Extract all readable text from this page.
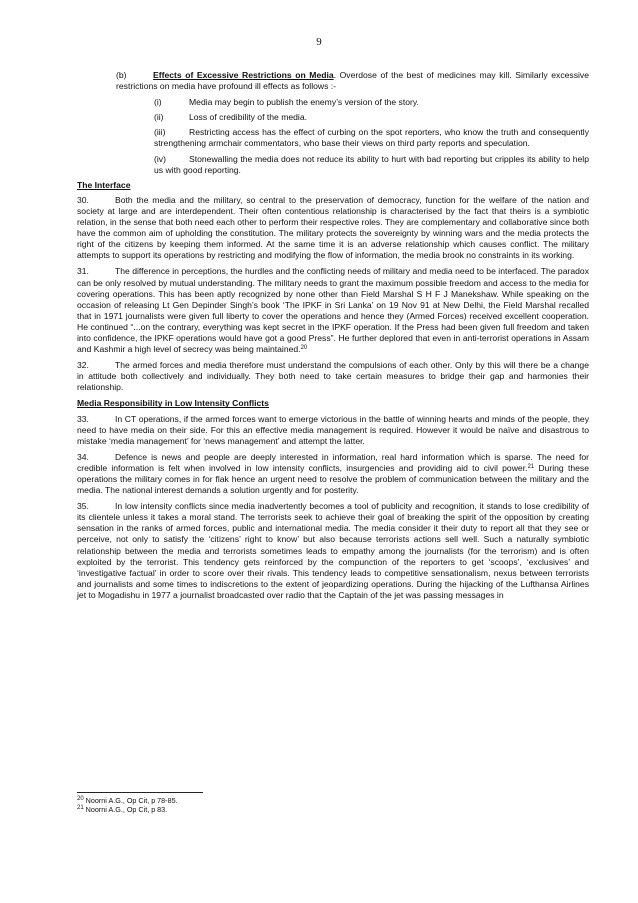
9

(b)	Effects of Excessive Restrictions on Media. Overdose of the best of medicines may kill. Similarly excessive restrictions on media have profound ill effects as follows :-

(i)	Media may begin to publish the enemy’s version of the story.

(ii)	Loss of credibility of the media.

(iii)	Restricting access has the effect of curbing on the spot reporters, who know the truth and consequently strengthening armchair commentators, who base their views on third party reports and speculation.

(iv)	Stonewalling the media does not reduce its ability to hurt with bad reporting but cripples its ability to help us with good reporting.

The Interface

30.	Both the media and the military, so central to the preservation of democracy, function for the welfare of the nation and society at large and are interdependent. Their often contentious relationship is characterised by the fact that theirs is a symbiotic relation, in the sense that both need each other to perform their respective roles. They are complementary and collaborative since both have the common aim of upholding the constitution. The military protects the sovereignty by winning wars and the media protects the right of the citizens by keeping them informed. At the same time it is an adverse relationship which causes conflict. The military attempts to support its operations by restricting and modifying the flow of information, the media brook no constraints in its working.

31.	The difference in perceptions, the hurdles and the conflicting needs of military and media need to be interfaced. The paradox can be only resolved by mutual understanding. The military needs to grant the maximum possible freedom and access to the media for covering operations. This has been aptly recognized by none other than Field Marshal S H F J Manekshaw. While speaking on the occasion of releasing Lt Gen Depinder Singh’s book ‘The IPKF in Sri Lanka’ on 19 Nov 91 at New Delhi, the Field Marshal recalled that in 1971 journalists were given full liberty to cover the operations and hence they (Armed Forces) received excellent cooperation. He continued “...on the contrary, everything was kept secret in the IPKF operation. If the Press had been given full freedom and taken into confidence, the IPKF operations would have got a good Press”. He further deplored that even in anti-terrorist operations in Assam and Kashmir a high level of secrecy was being maintained.$^{20}$

32.	The armed forces and media therefore must understand the compulsions of each other. Only by this will there be a change in attitude both collectively and individually. They both need to take certain measures to bridge their gap and harmonies their relationship.

Media Responsibility in Low Intensity Conflicts

33.	In CT operations, if the armed forces want to emerge victorious in the battle of winning hearts and minds of the people, they need to have media on their side. For this an effective media management is required. However it would be naïve and disastrous to mistake ‘media management’ for ‘news management’ and attempt the latter.

34.	Defence is news and people are deeply interested in information, real hard information which is sparse. The need for credible information is felt when involved in low intensity conflicts, insurgencies and providing aid to civil power.$^{21}$ During these operations the military comes in for flak hence an urgent need to resolve the problem of communication between the military and the media. The national interest demands a solution urgently and for posterity.

35.	In low intensity conflicts since media inadvertently becomes a tool of publicity and recognition, it stands to lose credibility of its clientele unless it takes a moral stand. The terrorists seek to achieve their goal of breaking the spirit of the opposition by creating sensation in the ranks of armed forces, public and international media. The media consider it their duty to report all that they see or perceive, not only to satisfy the ‘citizens’ right to know’ but also because terrorists actions sell well. Such a naturally symbiotic relationship between the media and terrorists sometimes leads to empathy among the journalists (for the terrorism) and is often exploited by the terrorist. This tendency gets reinforced by the compunction of the reporters to get ‘scoops’, ‘exclusives’ and ‘investigative factual’ in order to score over their rivals. This tendency leads to competitive sensationalism, nexus between terrorists and journalists and some times to indiscretions to the extent of jeopardizing operations. During the hijacking of the Lufthansa Airlines jet to Mogadishu in 1977 a journalist broadcasted over radio that the Captain of the jet was passing messages in

$^{20}$ Noorni A.G., Op Cit, p 78-85.
$^{21}$ Noorni A.G., Op Cit, p 83.
